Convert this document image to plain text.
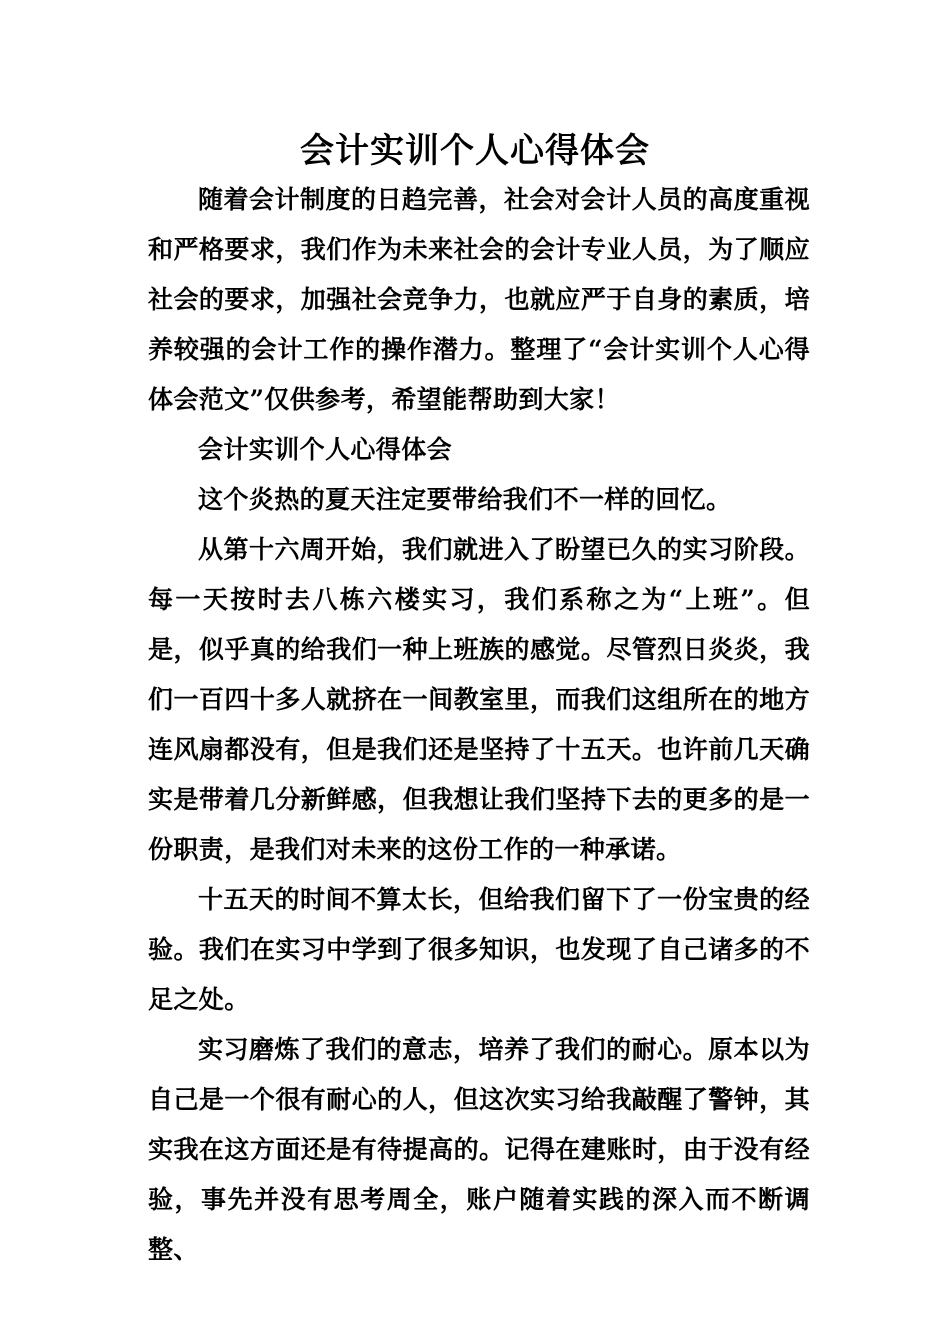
会计实训个人心得体会

随着会计制度的日趋完善，社会对会计人员的高度重视和严格要求，我们作为未来社会的会计专业人员，为了顺应社会的要求，加强社会竞争力，也就应严于自身的素质，培养较强的会计工作的操作潜力。整理了“会计实训个人心得体会范文”仅供参考，希望能帮助到大家！

会计实训个人心得体会

这个炎热的夏天注定要带给我们不一样的回忆。

从第十六周开始，我们就进入了盼望已久的实习阶段。每一天按时去八栋六楼实习，我们系称之为“上班”。但是，似乎真的给我们一种上班族的感觉。尽管烈日炎炎，我们一百四十多人就挤在一间教室里，而我们这组所在的地方连风扇都没有，但是我们还是坚持了十五天。也许前几天确实是带着几分新鲜感，但我想让我们坚持下去的更多的是一份职责，是我们对未来的这份工作的一种承诺。

十五天的时间不算太长，但给我们留下了一份宝贵的经验。我们在实习中学到了很多知识，也发现了自己诸多的不足之处。

实习磨炼了我们的意志，培养了我们的耐心。原本以为自己是一个很有耐心的人，但这次实习给我敲醒了警钟，其实我在这方面还是有待提高的。记得在建账时，由于没有经验，事先并没有思考周全，账户随着实践的深入而不断调整、
